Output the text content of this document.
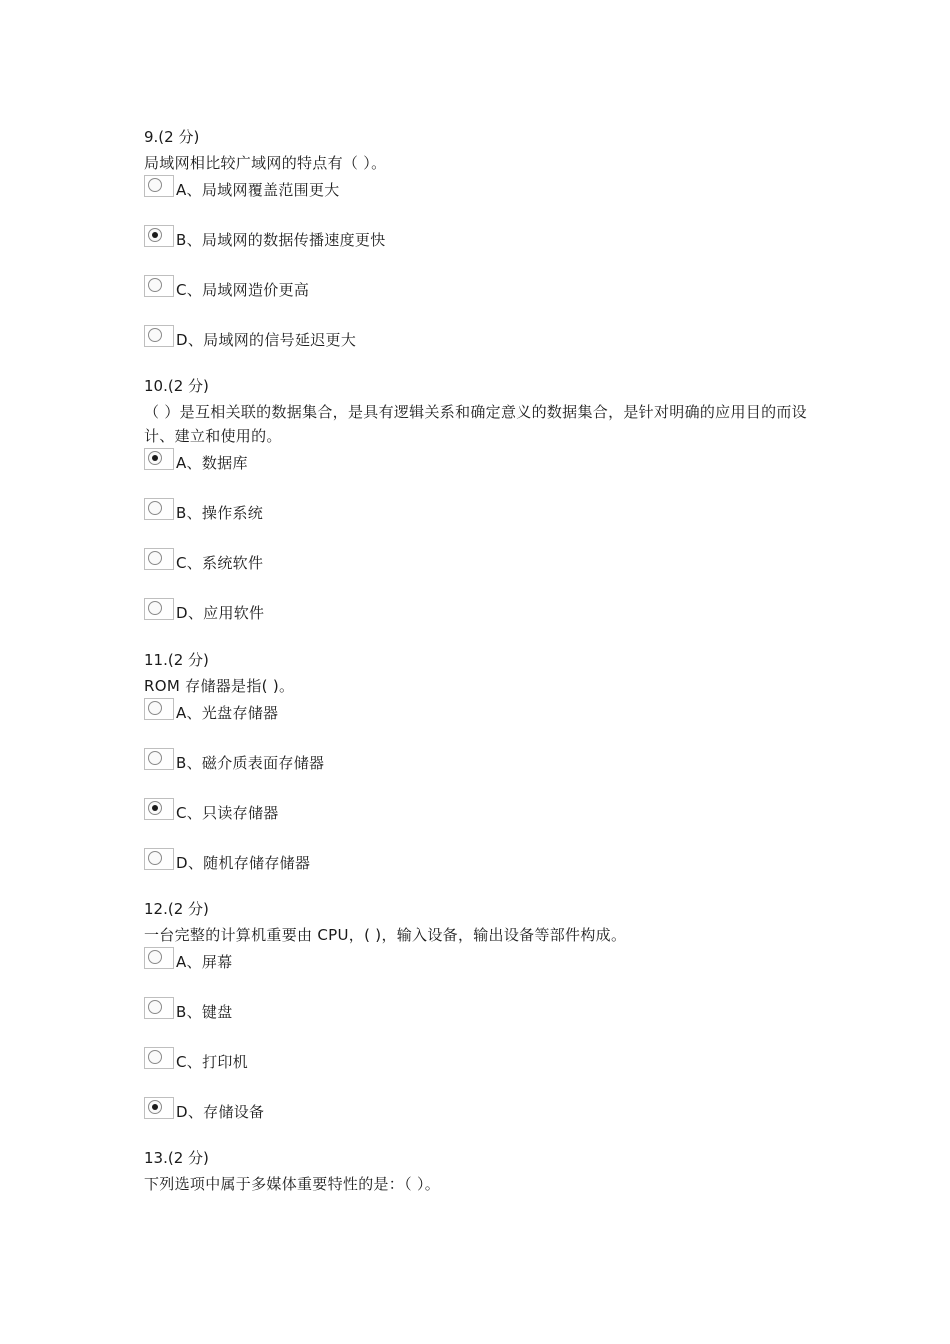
9.(2 分)
局域网相比较广域网的特点有（ ）。
A、局域网覆盖范围更大
B、局域网的数据传播速度更快
C、局域网造价更高
D、局域网的信号延迟更大
10.(2 分)
（ ）是互相关联的数据集合，是具有逻辑关系和确定意义的数据集合，是针对明确的应用目的而设计、建立和使用的。
A、数据库
B、操作系统
C、系统软件
D、应用软件
11.(2 分)
ROM 存储器是指( )。
A、光盘存储器
B、磁介质表面存储器
C、只读存储器
D、随机存储存储器
12.(2 分)
一台完整的计算机重要由 CPU，( )，输入设备，输出设备等部件构成。
A、屏幕
B、键盘
C、打印机
D、存储设备
13.(2 分)
下列选项中属于多媒体重要特性的是：（ ）。
